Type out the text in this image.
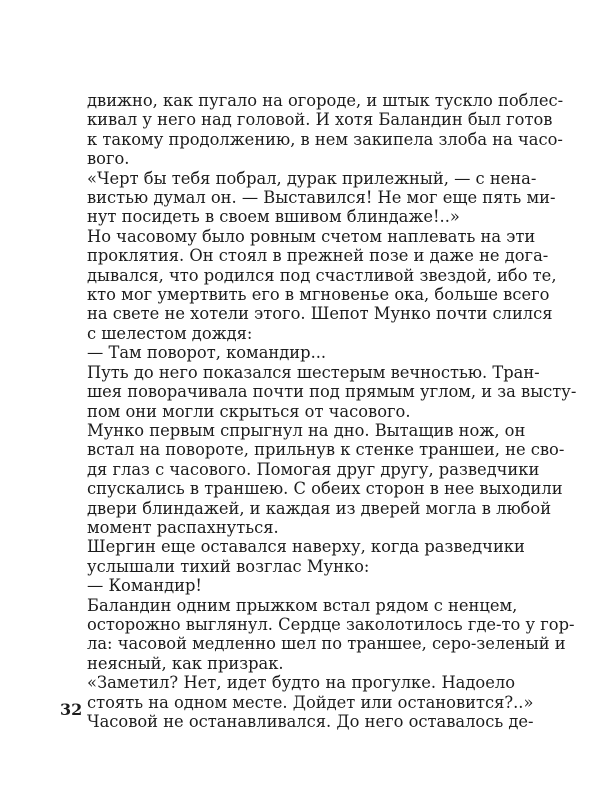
движно, как пугало на огороде, и штык тускло поблес-
кивал у него над головой. И хотя Баландин был готов
к такому продолжению, в нем закипела злоба на часо-
вого.
«Черт бы тебя побрал, дурак прилежный, — с нена-
вистью думал он. — Выставился! Не мог еще пять ми-
нут посидеть в своем вшивом блиндаже!..»
Но часовому было ровным счетом наплевать на эти
проклятия. Он стоял в прежней позе и даже не дога-
дывался, что родился под счастливой звездой, ибо те,
кто мог умертвить его в мгновенье ока, больше всего
на свете не хотели этого. Шепот Мунко почти слился
с шелестом дождя:
— Там поворот, командир...
Путь до него показался шестерым вечностью. Тран-
шея поворачивала почти под прямым углом, и за высту-
пом они могли скрыться от часового.
Мунко первым спрыгнул на дно. Вытащив нож, он
встал на повороте, прильнув к стенке траншеи, не сво-
дя глаз с часового. Помогая друг другу, разведчики
спускались в траншею. С обеих сторон в нее выходили
двери блиндажей, и каждая из дверей могла в любой
момент распахнуться.
Шергин еще оставался наверху, когда разведчики
услышали тихий возглас Мунко:
— Командир!
Баландин одним прыжком встал рядом с ненцем,
осторожно выглянул. Сердце заколотилось где-то у гор-
ла: часовой медленно шел по траншее, серо-зеленый и
неясный, как призрак.
«Заметил? Нет, идет будто на прогулке. Надоело
стоять на одном месте. Дойдет или остановится?..»
Часовой не останавливался. До него оставалось де-
32
